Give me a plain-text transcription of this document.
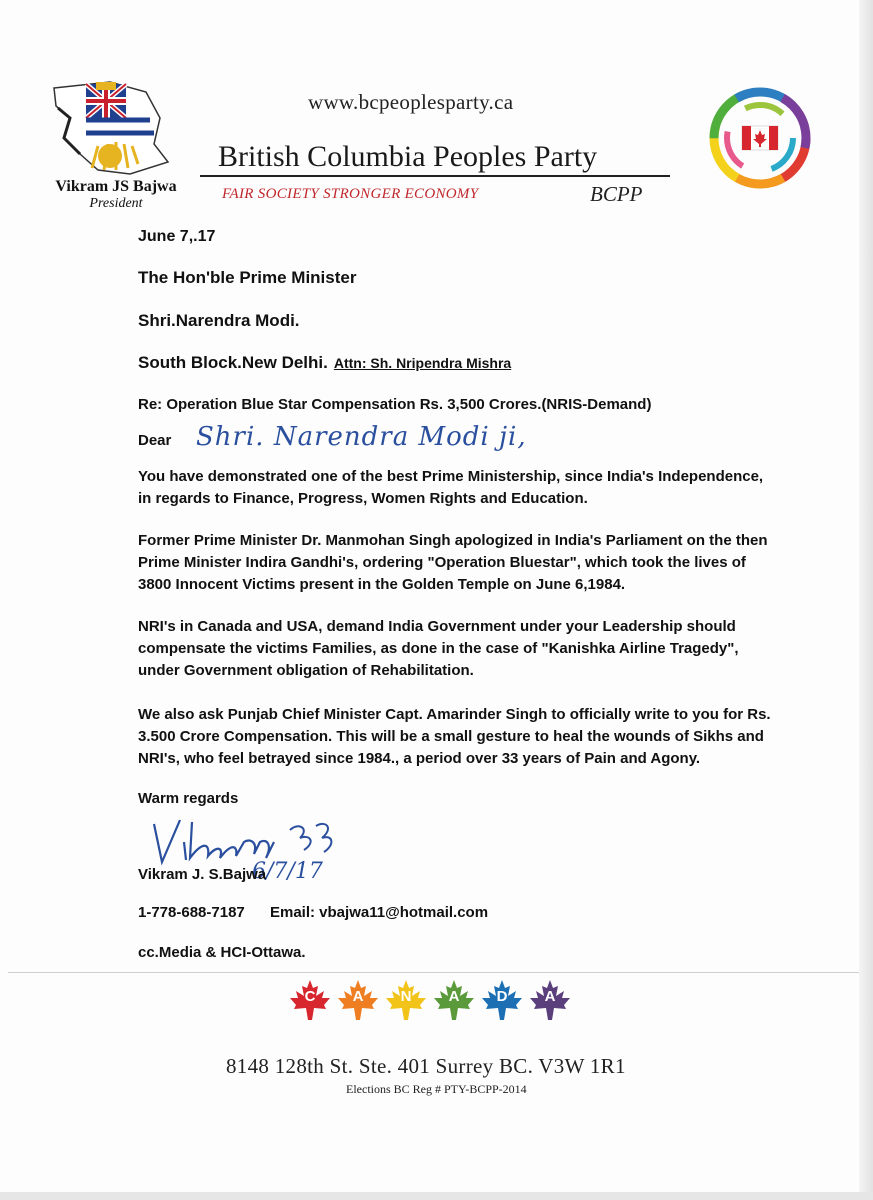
Vikram JS Bajwa
President
www.bcpeoplesparty.ca
British Columbia Peoples Party
FAIR SOCIETY STRONGER ECONOMY	BCPP
June 7,.17
The Hon'ble Prime Minister
Shri.Narendra Modi.
South Block.New Delhi. Attn: Sh. Nripendra Mishra
Re: Operation Blue Star Compensation Rs. 3,500 Crores.(NRIS-Demand)
Dear Shri. Narendra Modi ji,
You have demonstrated one of the best Prime Ministership, since India's Independence, in regards to Finance, Progress, Women Rights and Education.
Former Prime Minister Dr. Manmohan Singh apologized in India's Parliament on the then Prime Minister Indira Gandhi's, ordering "Operation Bluestar", which took the lives of 3800 Innocent Victims present in the Golden Temple on June 6,1984.
NRI's in Canada and USA, demand India Government under your Leadership should compensate the victims Families, as done in the case of "Kanishka Airline Tragedy", under Government obligation of Rehabilitation.
We also ask Punjab Chief Minister Capt. Amarinder Singh to officially write to you for Rs. 3.500 Crore Compensation. This will be a small gesture to heal the wounds of Sikhs and NRI's, who feel betrayed since 1984., a period over 33 years of Pain and Agony.
Warm regards
6/7/17
Vikram J. S.Bajwa
1-778-688-7187 Email: vbajwa11@hotmail.com
cc.Media & HCI-Ottawa.
C	A	N	A	D	A
8148 128th St. Ste. 401 Surrey BC. V3W 1R1
Elections BC Reg # PTY-BCPP-2014
